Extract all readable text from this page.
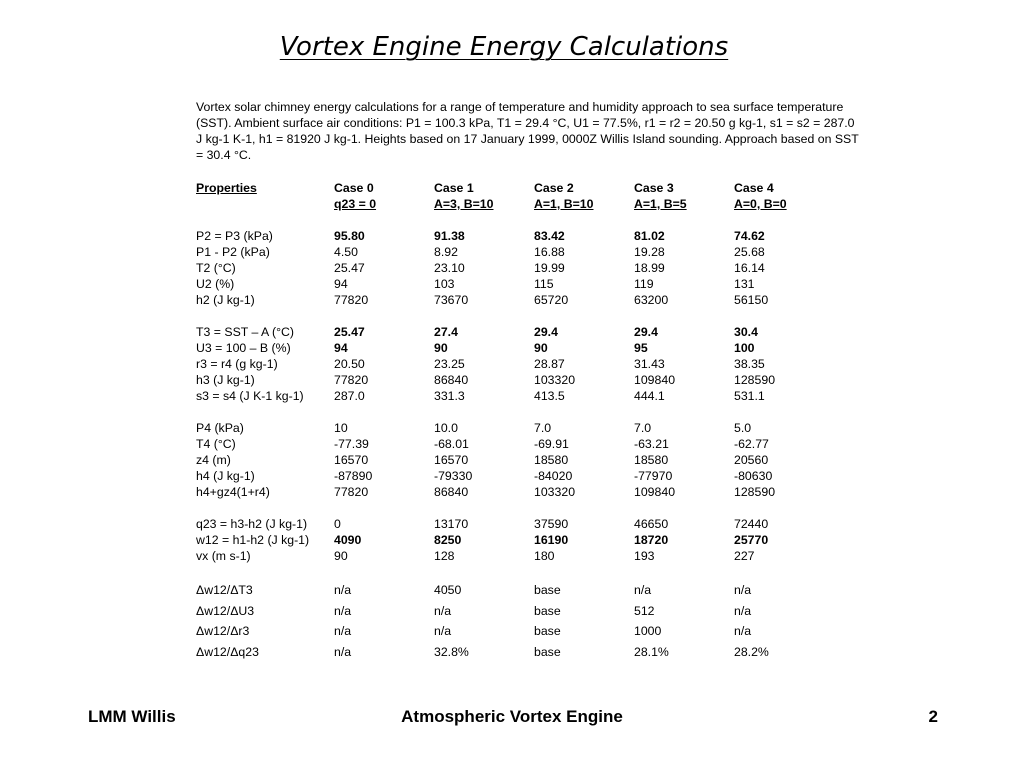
Vortex Engine Energy Calculations
Vortex solar chimney energy calculations for a range of temperature and humidity approach to sea surface temperature (SST). Ambient surface air conditions: P1 = 100.3 kPa, T1 = 29.4 °C, U1 = 77.5%, r1 = r2 = 20.50 g kg-1, s1 = s2 = 287.0 J kg-1 K-1, h1 = 81920 J kg-1. Heights based on 17 January 1999, 0000Z Willis Island sounding. Approach based on SST = 30.4 °C.
Properties	Case 0	Case 1	Case 2	Case 3	Case 4
	q23 = 0	A=3, B=10	A=1, B=10	A=1, B=5	A=0, B=0

P2 = P3 (kPa)	95.80	91.38	83.42	81.02	74.62
P1 - P2 (kPa)	4.50	8.92	16.88	19.28	25.68
T2 (°C)	25.47	23.10	19.99	18.99	16.14
U2 (%)	94	103	115	119	131
h2 (J kg-1)	77820	73670	65720	63200	56150

T3 = SST – A (°C)	25.47	27.4	29.4	29.4	30.4
U3 = 100 – B (%)	94	90	90	95	100
r3 = r4 (g kg-1)	20.50	23.25	28.87	31.43	38.35
h3 (J kg-1)	77820	86840	103320	109840	128590
s3 = s4 (J K-1 kg-1)	287.0	331.3	413.5	444.1	531.1

P4 (kPa)	10	10.0	7.0	7.0	5.0
T4 (°C)	-77.39	-68.01	-69.91	-63.21	-62.77
z4 (m)	16570	16570	18580	18580	20560
h4 (J kg-1)	-87890	-79330	-84020	-77970	-80630
h4+gz4(1+r4)	77820	86840	103320	109840	128590

q23 = h3-h2 (J kg-1)	0	13170	37590	46650	72440
w12 = h1-h2 (J kg-1)	4090	8250	16190	18720	25770
vx (m s-1)	90	128	180	193	227

Δw12/ΔT3	n/a	4050	base	n/a	n/a
Δw12/ΔU3	n/a	n/a	base	512	n/a
Δw12/Δr3	n/a	n/a	base	1000	n/a
Δw12/Δq23	n/a	32.8%	base	28.1%	28.2%
LMM Willis	Atmospheric Vortex Engine	2
